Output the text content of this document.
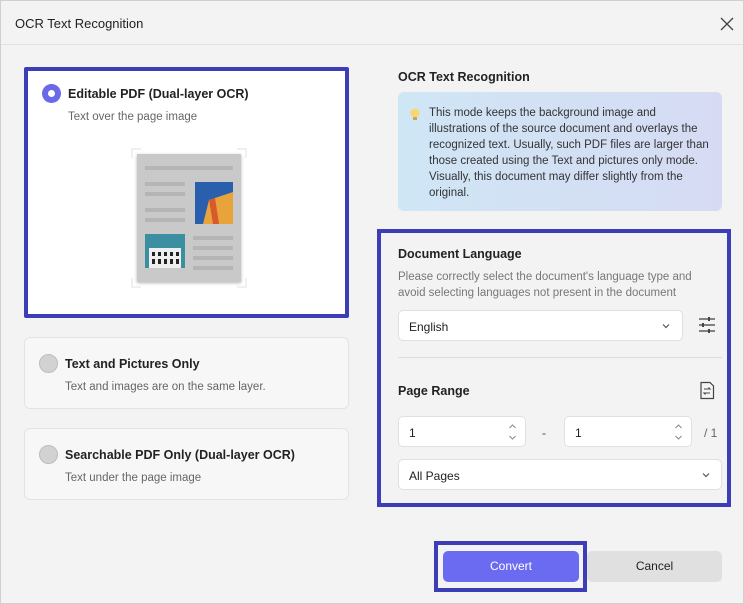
OCR Text Recognition
Editable PDF (Dual-layer OCR)
Text over the page image
Text and Pictures Only
Text and images are on the same layer.
Searchable PDF Only (Dual-layer OCR)
Text under the page image
OCR Text Recognition
This mode keeps the background image and illustrations of the source document and overlays the recognized text. Usually, such PDF files are larger than those created using the Text and pictures only mode. Visually, this document may differ slightly from the original.
Document Language
Please correctly select the document's language type and avoid selecting languages not present in the document
English
Page Range
1	- 1	/ 1
All Pages
Convert	Cancel
